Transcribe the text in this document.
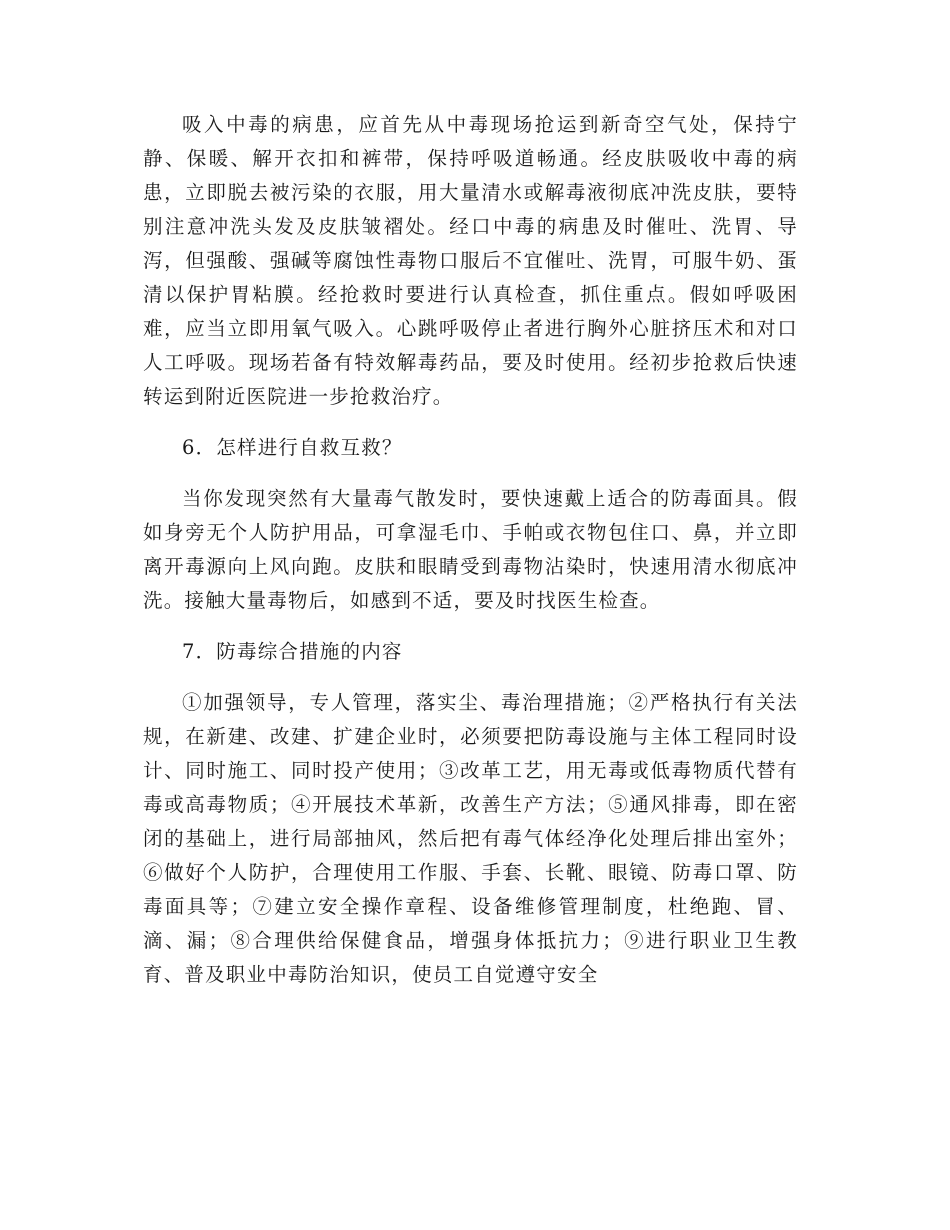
吸入中毒的病患，应首先从中毒现场抢运到新奇空气处，保持宁静、保暖、解开衣扣和裤带，保持呼吸道畅通。经皮肤吸收中毒的病患，立即脱去被污染的衣服，用大量清水或解毒液彻底冲洗皮肤，要特别注意冲洗头发及皮肤皱褶处。经口中毒的病患及时催吐、洗胃、导泻，但强酸、强碱等腐蚀性毒物口服后不宜催吐、洗胃，可服牛奶、蛋清以保护胃粘膜。经抢救时要进行认真检查，抓住重点。假如呼吸困难，应当立即用氧气吸入。心跳呼吸停止者进行胸外心脏挤压术和对口人工呼吸。现场若备有特效解毒药品，要及时使用。经初步抢救后快速转运到附近医院进一步抢救治疗。

6．怎样进行自救互救？

当你发现突然有大量毒气散发时，要快速戴上适合的防毒面具。假如身旁无个人防护用品，可拿湿毛巾、手帕或衣物包住口、鼻，并立即离开毒源向上风向跑。皮肤和眼睛受到毒物沾染时，快速用清水彻底冲洗。接触大量毒物后，如感到不适，要及时找医生检查。

7．防毒综合措施的内容

①加强领导，专人管理，落实尘、毒治理措施；②严格执行有关法规，在新建、改建、扩建企业时，必须要把防毒设施与主体工程同时设计、同时施工、同时投产使用；③改革工艺，用无毒或低毒物质代替有毒或高毒物质；④开展技术革新，改善生产方法；⑤通风排毒，即在密闭的基础上，进行局部抽风，然后把有毒气体经净化处理后排出室外；⑥做好个人防护，合理使用工作服、手套、长靴、眼镜、防毒口罩、防毒面具等；⑦建立安全操作章程、设备维修管理制度，杜绝跑、冒、滴、漏；⑧合理供给保健食品，增强身体抵抗力；⑨进行职业卫生教育、普及职业中毒防治知识，使员工自觉遵守安全
